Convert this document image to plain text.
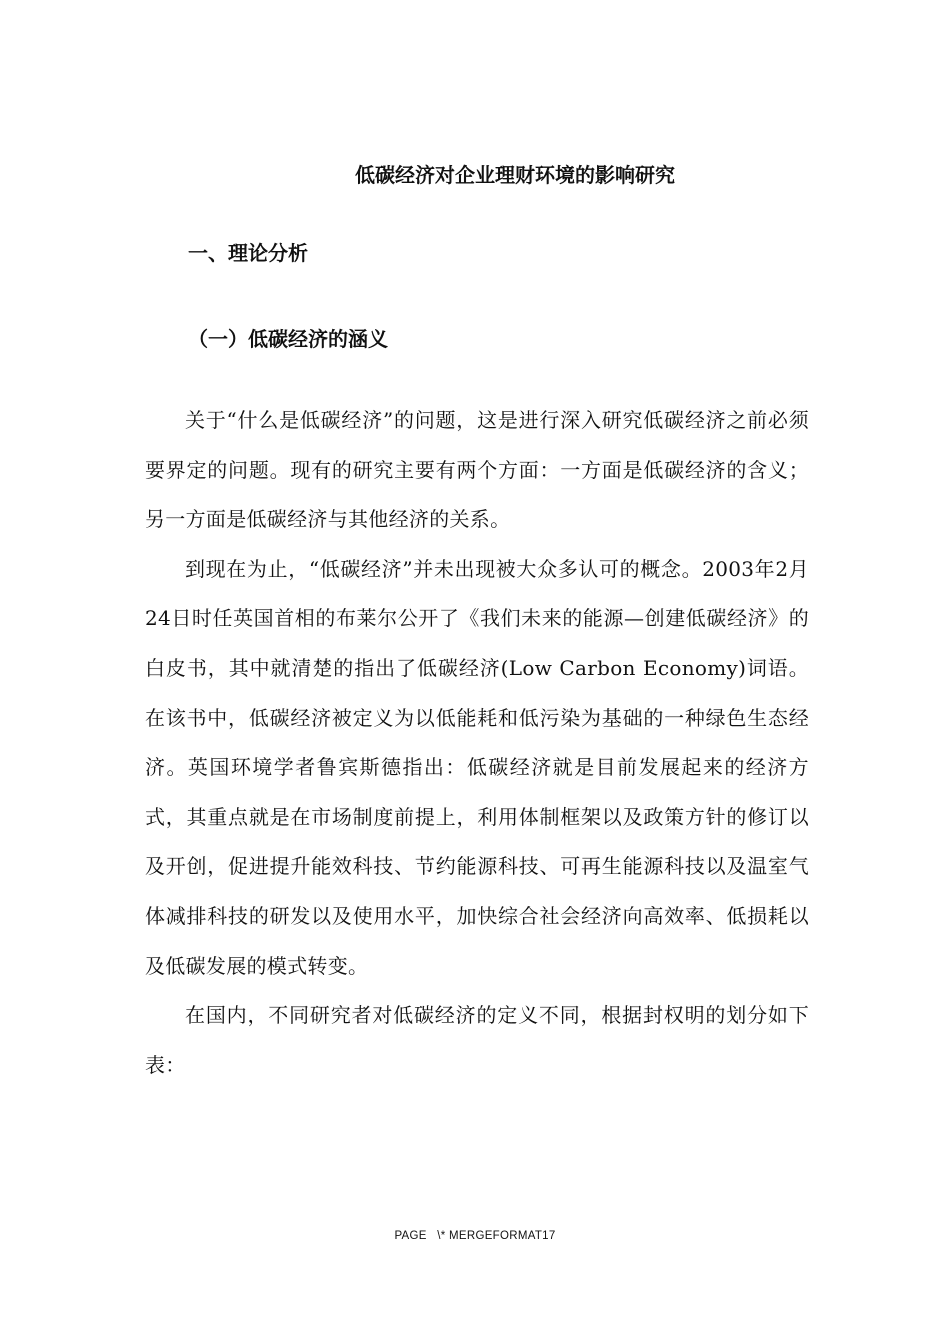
低碳经济对企业理财环境的影响研究
一、理论分析
（一）低碳经济的涵义

关于“什么是低碳经济”的问题，这是进行深入研究低碳经济之前必须要界定的问题。现有的研究主要有两个方面：一方面是低碳经济的含义；另一方面是低碳经济与其他经济的关系。

到现在为止，“低碳经济”并未出现被大众多认可的概念。2003年2月24日时任英国首相的布莱尔公开了《我们未来的能源—创建低碳经济》的白皮书，其中就清楚的指出了低碳经济(Low Carbon Economy)词语。在该书中，低碳经济被定义为以低能耗和低污染为基础的一种绿色生态经济。英国环境学者鲁宾斯德指出：低碳经济就是目前发展起来的经济方式，其重点就是在市场制度前提上，利用体制框架以及政策方针的修订以及开创，促进提升能效科技、节约能源科技、可再生能源科技以及温室气体减排科技的研发以及使用水平，加快综合社会经济向高效率、低损耗以及低碳发展的模式转变。

在国内，不同研究者对低碳经济的定义不同，根据封权明的划分如下表：

PAGE   \* MERGEFORMAT17
